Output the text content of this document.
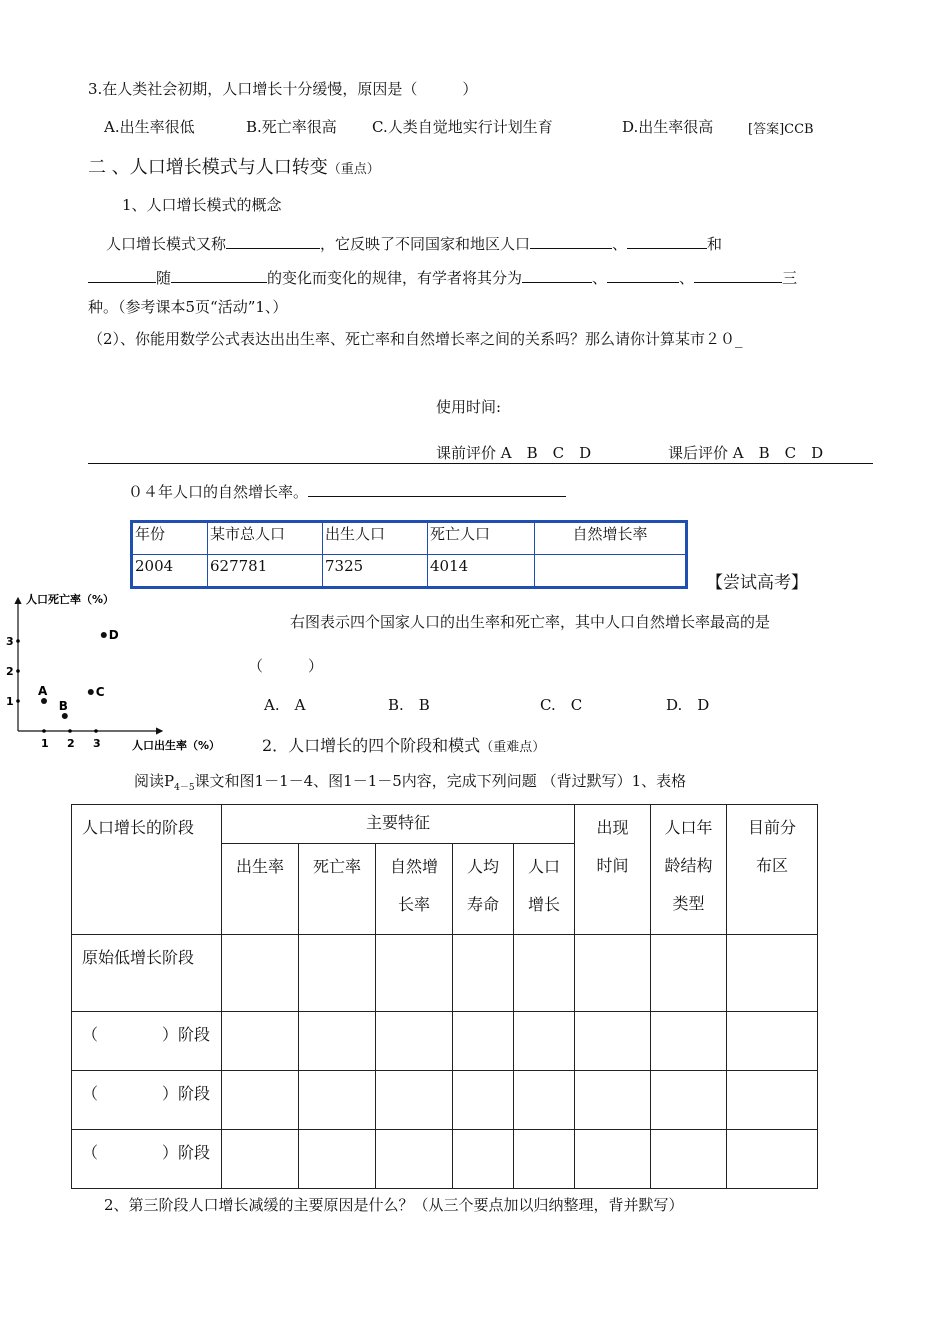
3.在人类社会初期，人口增长十分缓慢，原因是（　　　）
A.出生率很低	B.死亡率很高 C.人类自觉地实行计划生育	D.出生率很高	[答案]CCB
二 、人口增长模式与人口转变（重点）
1、人口增长模式的概念
人口增长模式又称	，它反映了不同国家和地区人口	、	和
随	的变化而变化的规律，有学者将其分为	、	、	三
种。（参考课本5页“活动”1、）
（2）、你能用数学公式表达出出生率、死亡率和自然增长率之间的关系吗？那么请你计算某市２０_
使用时间:
课前评价 A　B　C　D	课后评价 A　B　C　D
０４年人口的自然增长率。
年份	某市总人口	出生人口	死亡人口	自然增长率
2004	627781	7325	4014	
【尝试高考】
人口死亡率（%）
人口出生率（%）
1 2 3
1
2
3
A
B
C
D
右图表示四个国家人口的出生率和死亡率，其中人口自然增长率最高的是
（　　　）
A.　A	B.　B	C.　C	D.　D
2．人口增长的四个阶段和模式（重难点）
阅读$P_{4-5}$课文和图1－1－4、图1－1－5内容，完成下列问题 （背过默写）1、表格
人口增长的阶段	主要特征					出现时间	人口年龄结构类型	目前分布区

	出生率	死亡率	自然增长率	人均寿命	人口增长			

原始低增长阶段								
（　　　　）阶段								
（　　　　）阶段								
（　　　　）阶段								
2、第三阶段人口增长减缓的主要原因是什么？（从三个要点加以归纳整理，背并默写）
